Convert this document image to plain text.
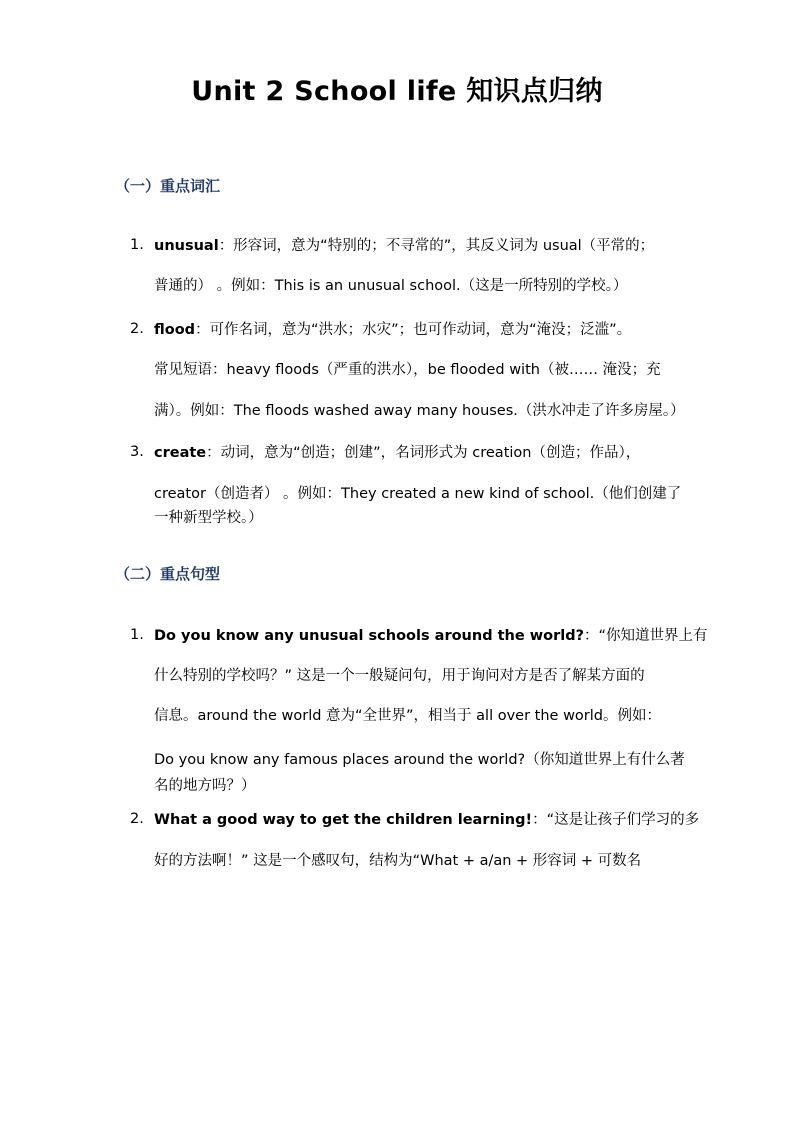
Unit 2 School life 知识点归纳
（一）重点词汇
1. unusual：形容词，意为“特别的；不寻常的”，其反义词为 usual（平常的；
普通的） 。例如：This is an unusual school.（这是一所特别的学校。）
2. flood：可作名词，意为“洪水；水灾”；也可作动词，意为“淹没；泛滥”。
常见短语：heavy floods（严重的洪水），be flooded with（被…… 淹没；充
满）。例如：The floods washed away many houses.（洪水冲走了许多房屋。）
3. create：动词，意为“创造；创建”，名词形式为 creation（创造；作品），
creator（创造者） 。例如：They created a new kind of school.（他们创建了
一种新型学校。）
（二）重点句型
1. Do you know any unusual schools around the world?：“你知道世界上有
什么特别的学校吗？” 这是一个一般疑问句，用于询问对方是否了解某方面的
信息。around the world 意为“全世界”，相当于 all over the world。例如：
Do you know any famous places around the world?（你知道世界上有什么著
名的地方吗？）
2. What a good way to get the children learning!：“这是让孩子们学习的多
好的方法啊！” 这是一个感叹句，结构为“What + a/an + 形容词 + 可数名
